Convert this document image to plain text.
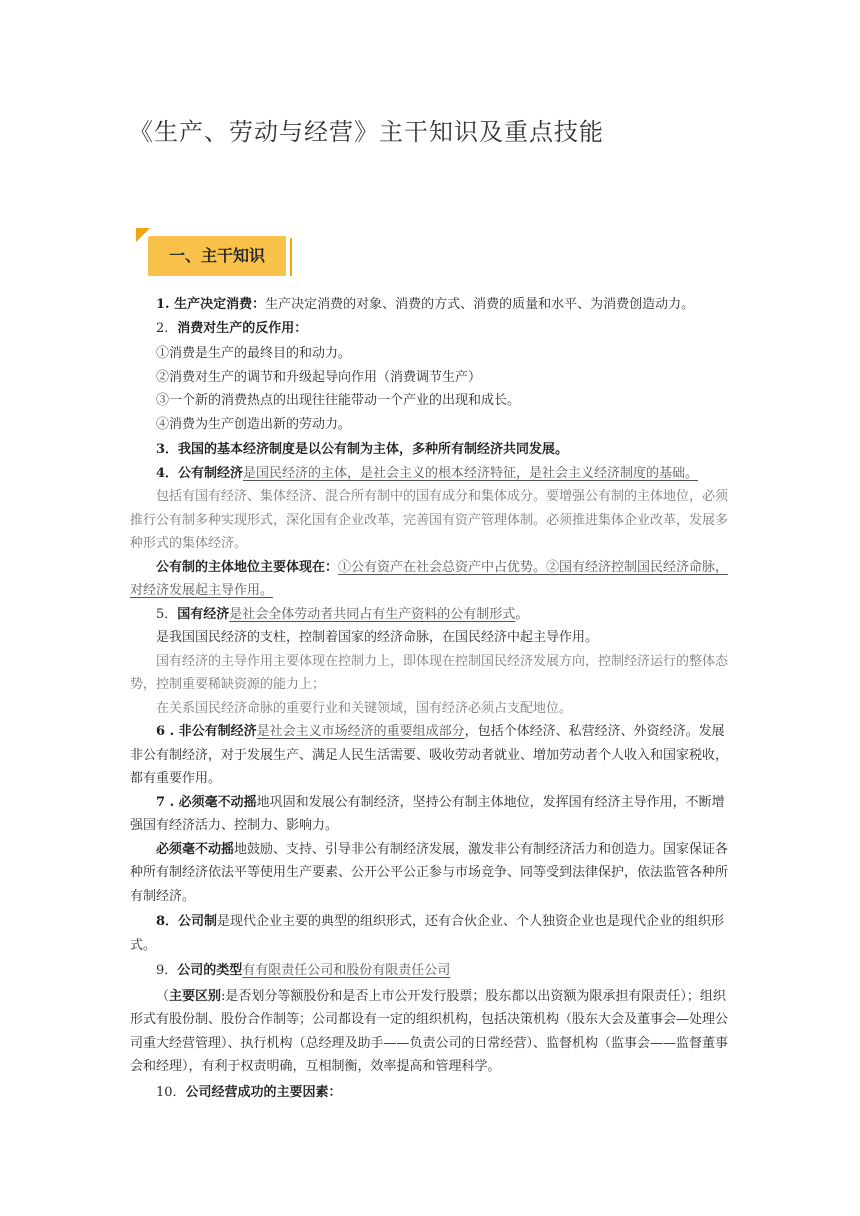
《生产、劳动与经营》主干知识及重点技能
一、主干知识

1. 生产决定消费：生产决定消费的对象、消费的方式、消费的质量和水平、为消费创造动力。

2．消费对生产的反作用：

①消费是生产的最终目的和动力。

②消费对生产的调节和升级起导向作用（消费调节生产）

③一个新的消费热点的出现往往能带动一个产业的出现和成长。

④消费为生产创造出新的劳动力。

3．我国的基本经济制度是以公有制为主体，多种所有制经济共同发展。

4．公有制经济是国民经济的主体，是社会主义的根本经济特征，是社会主义经济制度的基础。

包括有国有经济、集体经济、混合所有制中的国有成分和集体成分。要增强公有制的主体地位，必须推行公有制多种实现形式，深化国有企业改革，完善国有资产管理体制。必须推进集体企业改革，发展多种形式的集体经济。

公有制的主体地位主要体现在：①公有资产在社会总资产中占优势。②国有经济控制国民经济命脉，对经济发展起主导作用。

5．国有经济是社会全体劳动者共同占有生产资料的公有制形式。

是我国国民经济的支柱，控制着国家的经济命脉，在国民经济中起主导作用。

国有经济的主导作用主要体现在控制力上，即体现在控制国民经济发展方向，控制经济运行的整体态势，控制重要稀缺资源的能力上；

在关系国民经济命脉的重要行业和关键领域，国有经济必须占支配地位。

6 . 非公有制经济是社会主义市场经济的重要组成部分，包括个体经济、私营经济、外资经济。发展非公有制经济，对于发展生产、满足人民生活需要、吸收劳动者就业、增加劳动者个人收入和国家税收，都有重要作用。

7 . 必须毫不动摇地巩固和发展公有制经济，坚持公有制主体地位，发挥国有经济主导作用，不断增强国有经济活力、控制力、影响力。

必须毫不动摇地鼓励、支持、引导非公有制经济发展，激发非公有制经济活力和创造力。国家保证各种所有制经济依法平等使用生产要素、公开公平公正参与市场竞争、同等受到法律保护，依法监管各种所有制经济。

8．公司制是现代企业主要的典型的组织形式，还有合伙企业、个人独资企业也是现代企业的组织形式。

9．公司的类型有有限责任公司和股份有限责任公司

（主要区别:是否划分等额股份和是否上市公开发行股票；股东都以出资额为限承担有限责任）；组织形式有股份制、股份合作制等；公司都设有一定的组织机构，包括决策机构（股东大会及董事会—处理公司重大经营管理）、执行机构（总经理及助手——负责公司的日常经营）、监督机构（监事会——监督董事会和经理），有利于权责明确，互相制衡，效率提高和管理科学。

10．公司经营成功的主要因素：
